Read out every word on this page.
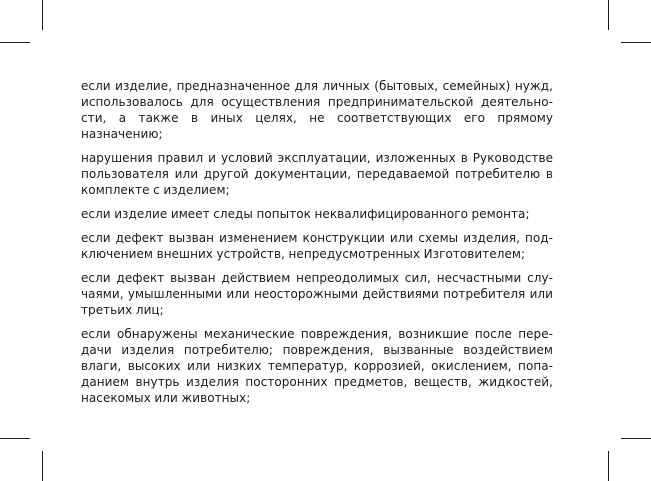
если изделие, предназначенное для личных (бытовых, семейных) нужд, использовалось для осуществления предпринимательской деятельности, а также в иных целях, не соответствующих его прямому назначению;

нарушения правил и условий эксплуатации, изложенных в Руководстве пользователя или другой документации, передаваемой потребителю в комплекте с изделием;

если изделие имеет следы попыток неквалифицированного ремонта;

если дефект вызван изменением конструкции или схемы изделия, подключением внешних устройств, непредусмотренных Изготовителем;

если дефект вызван действием непреодолимых сил, несчастными случаями, умышленными или неосторожными действиями потребителя или третьих лиц;

если обнаружены механические повреждения, возникшие после передачи изделия потребителю; повреждения, вызванные воздействием влаги, высоких или низких температур, коррозией, окислением, попаданием внутрь изделия посторонних предметов, веществ, жидкостей, насекомых или животных;
